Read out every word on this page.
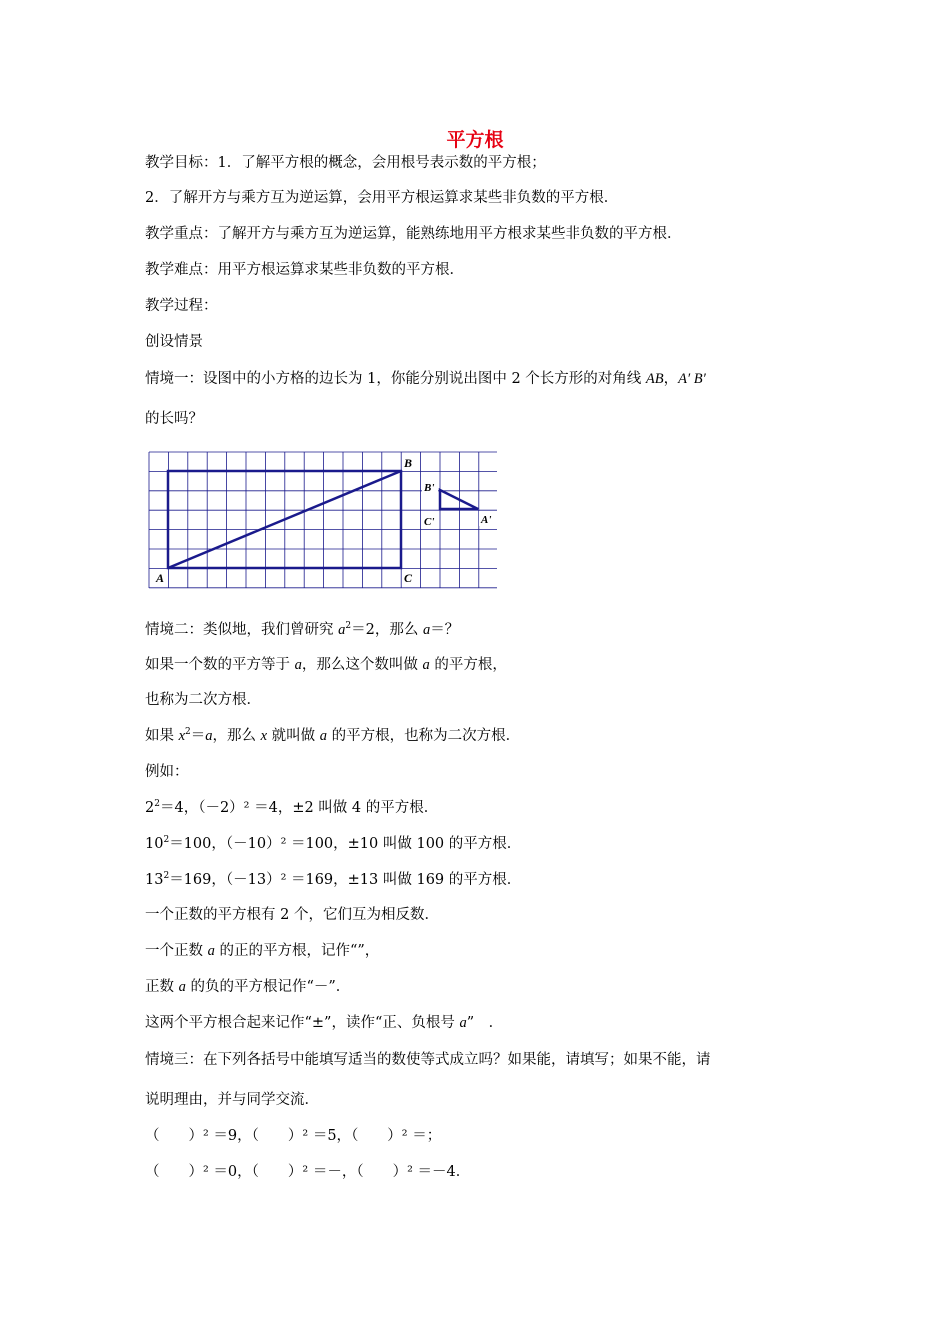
平方根
教学目标：1．了解平方根的概念，会用根号表示数的平方根；
2．了解开方与乘方互为逆运算，会用平方根运算求某些非负数的平方根．
教学重点：了解开方与乘方互为逆运算，能熟练地用平方根求某些非负数的平方根．
教学难点：用平方根运算求某些非负数的平方根．
教学过程：
创设情景
情境一：设图中的小方格的边长为 1，你能分别说出图中 2 个长方形的对角线 AB，A′ B′
的长吗？
A
B
C
B'
C'	A'
情境二：类似地，我们曾研究 $a^2=2$，那么 a＝？
如果一个数的平方等于 a，那么这个数叫做 a 的平方根，
也称为二次方根．
如果 $x^2=a$，那么 x 就叫做 a 的平方根，也称为二次方根．
例如：
$2^2=4$，（－2）² ＝4，±2 叫做 4 的平方根．
$10^2=100$，（－10）² ＝100，±10 叫做 100 的平方根．
$13^2=169$，（－13）² ＝169，±13 叫做 169 的平方根．
一个正数的平方根有 2 个，它们互为相反数．
一个正数 a 的正的平方根，记作“”，
正数 a 的负的平方根记作“－”．
这两个平方根合起来记作“±”，读作“正、负根号 a”　．
情境三：在下列各括号中能填写适当的数使等式成立吗？如果能，请填写；如果不能，请
说明理由，并与同学交流．
（　　）² ＝9，（　　）² ＝5，（　　）² ＝；
（　　）² ＝0，（　　）² ＝－，（　　）² ＝－4．
